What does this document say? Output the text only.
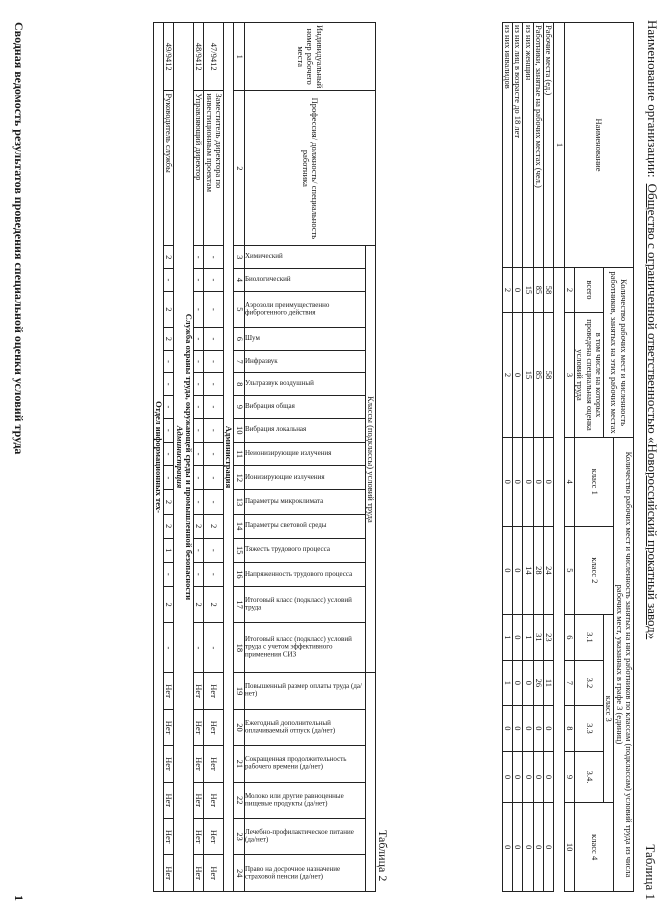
Наименование организации:Общество с ограниченной ответственностью «Новороссийский прокатный завод»
Таблица 1
Наименование	Количество рабочих мест и численность работников, занятых на этих рабочих местах		Количество рабочих мест и численность занятых на них работников по классам (подклассам) условий труда из числа рабочих мест, указанных в графе 3 (единиц)						
			класс 1	класс 2	класс 3				класс 4
	всего	в том числе на которых проведена специальная оценка условий труда			3.1	3.2	3.3	3.4.	
	2	3	4	5	6	7	8	9	10
1									
Рабочие места (ед.)	58	58	0	24	23	11	0	0	0
Работники, занятые на рабочих местах (чел.)	85	85	0	28	31	26	0	0	0
из них женщин	15	15	0	14	1	0	0	0	0
из них лиц в возрасте до 18 лет	0	0	0	0	0	0	0	0	0
из них инвалидов	2	2	0	0	1	1	0	0	0
Таблица 2
Индивидуальный номер рабочего места	Профессия/ должность/ специальность работника	Классы (подклассы) условий труда																					

		Химический	Биологический	Аэрозоли преимущественно фиброгенного действия	Шум	Инфразвук	Ультразвук воздушный	Вибрация общая	Вибрация локальная	Неионизирующие излучения	Ионизирующие излучения	Параметры микроклимата	Параметры световой среды	Тяжесть трудового процесса	Напряженность трудового процесса	Итоговый класс (подкласс) условий труда	Итоговый класс (подкласс) условий труда с учетом эффективного применения СИЗ	Повышенный размер оплаты труда (да/нет)	Ежегодный дополнительный оплачиваемый отпуск (да/нет)	Сокращенная продолжительность рабочего времени (да/нет)	Молоко или другие равноценные пищевые продукты (да/нет)	Лечебно-профилактическое питание (да/нет)	Право на досрочное назначение страховой пенсии (да/нет)

1	2	3	4	5	6	7	8	9	10	11	12	13	14	15	16	17	18	19	20	21	22	23	24
Администрация																							
47/9412	Заместитель директора по инвестиционным проектам	-	-	-	-	-	-	-	-	-	-	-	2	-	-	2	-	Нет	Нет	Нет	Нет	Нет	Нет
48/9412	Управляющий директор	-	-	-	-	-	-	-	-	-	-	-	2	-	-	2	-	Нет	Нет	Нет	Нет	Нет	Нет
Служба охраны труда, окружающей среды и промышленной безопасности
Администрация																							
49/9412	Руководитель службы	2	-	2	2	-	-	-	-	-	-	2	2	1	-	2	-	Нет	Нет	Нет	Нет	Нет	Нет
Отдел информационных тех-																							
Сводная ведомость результатов проведения специальной оценки условий труда
1
